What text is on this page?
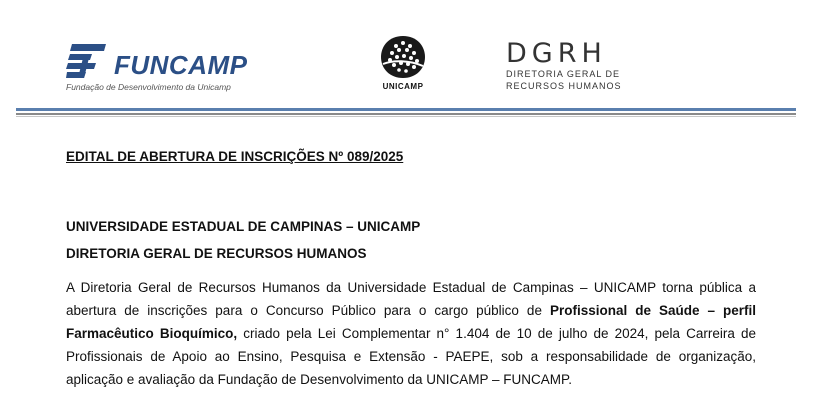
FUNCAMP
Fundação de Desenvolvimento da Unicamp	UNICAMP
DGRH
DIRETORIA GERAL DE
RECURSOS HUMANOS
EDITAL DE ABERTURA DE INSCRIÇÕES Nº 089/2025
UNIVERSIDADE ESTADUAL DE CAMPINAS – UNICAMP
DIRETORIA GERAL DE RECURSOS HUMANOS
A Diretoria Geral de Recursos Humanos da Universidade Estadual de Campinas – UNICAMP torna pública a
abertura de inscrições para o Concurso Público para o cargo público de Profissional de Saúde – perfil
Farmacêutico Bioquímico, criado pela Lei Complementar n° 1.404 de 10 de julho de 2024, pela Carreira de
Profissionais de Apoio ao Ensino, Pesquisa e Extensão - PAEPE, sob a responsabilidade de organização,
aplicação e avaliação da Fundação de Desenvolvimento da UNICAMP – FUNCAMP.
